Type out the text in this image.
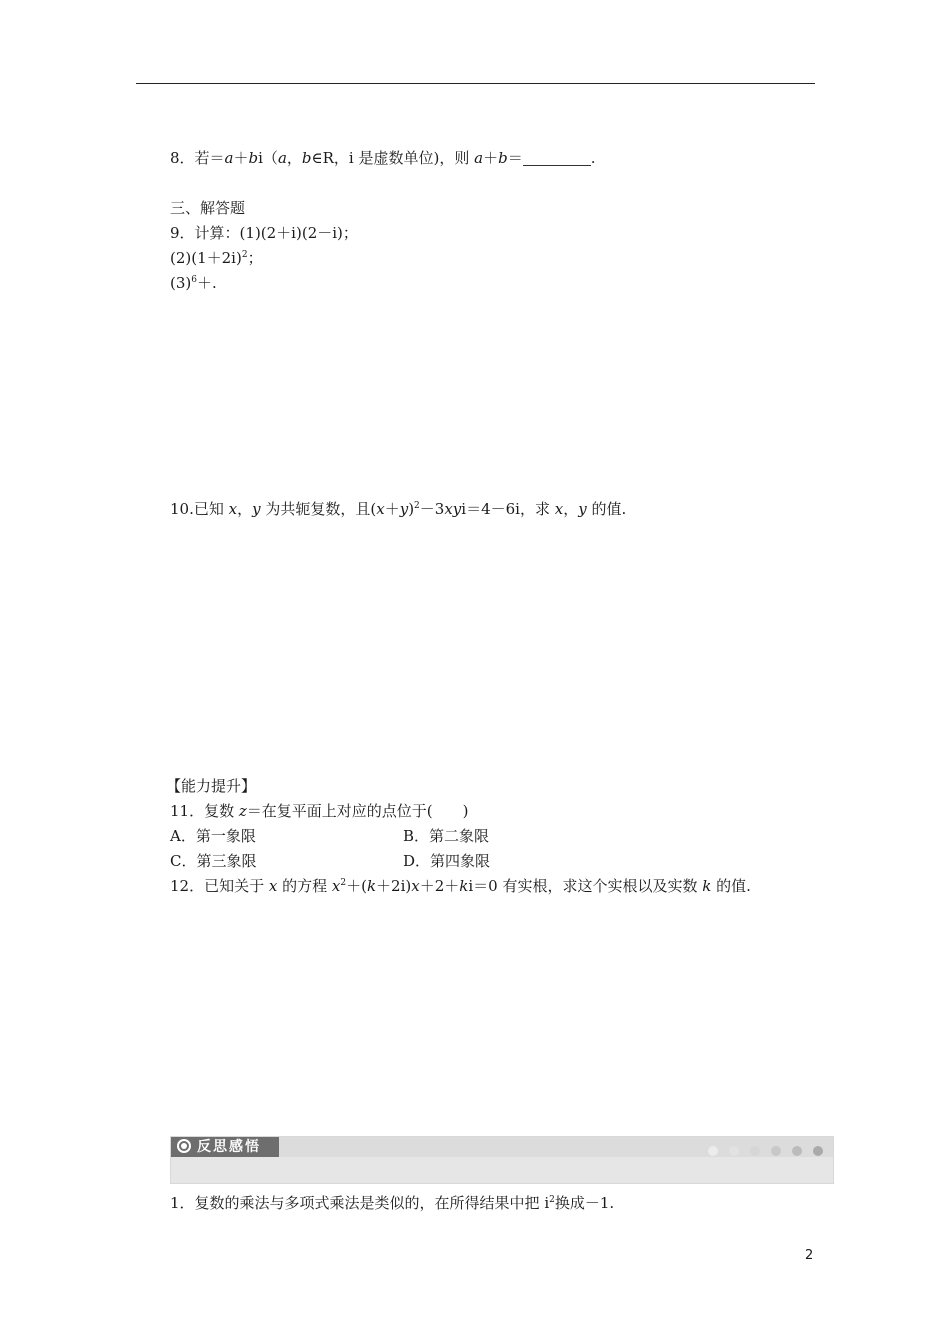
8．若＝a＋bi（a，b∈R，i 是虚数单位)，则 a＋b＝	.
三、解答题
9．计算：(1)(2＋i)(2－i)；
$(2)(1+2i)^2$；
$(3)^6+$.
10.已知 x，y 为共轭复数，且$(x+y)^2-3xyi=4-6i$，求 x，y 的值.
【能力提升】
11．复数 z＝在复平面上对应的点位于( )
A．第一象限	B．第二象限
C．第三象限	D．第四象限
12．已知关于 x 的方程 $x^2+(k+2i)x+2+ki=0$ 有实根，求这个实根以及实数 k 的值.
反思感悟
1．复数的乘法与多项式乘法是类似的，在所得结果中把 $i^2$换成－1.
2
